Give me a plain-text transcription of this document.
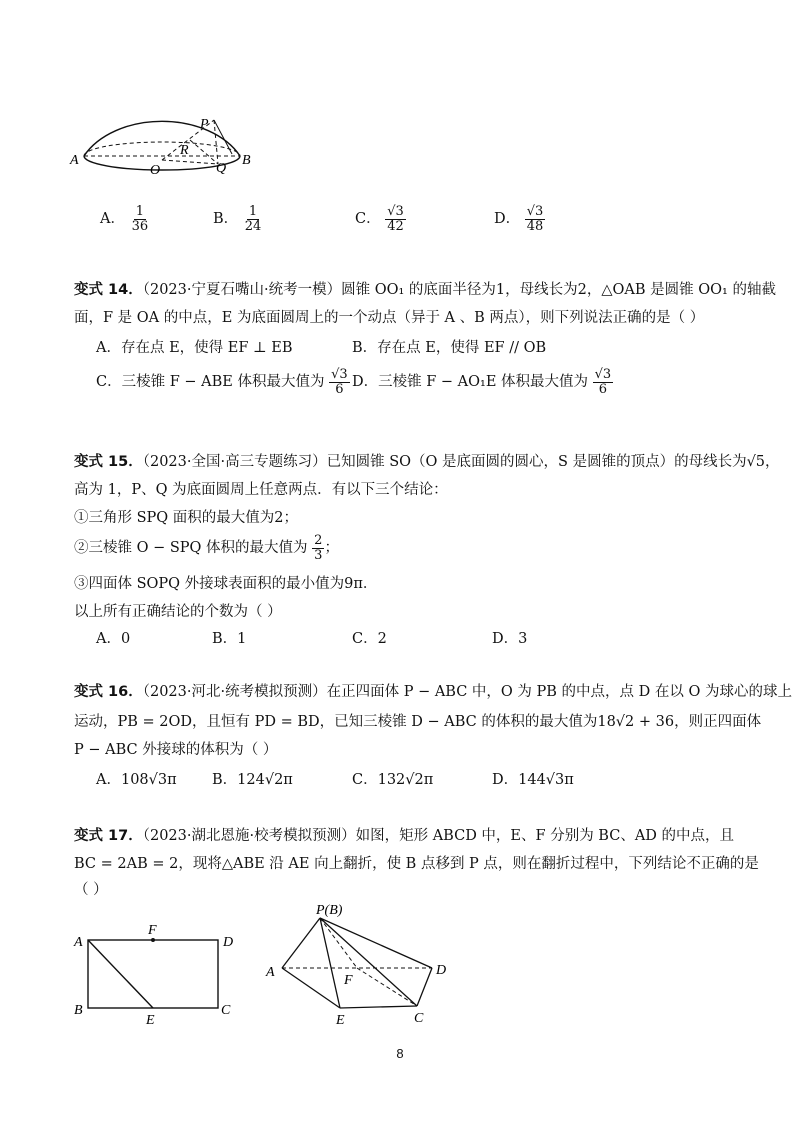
A	B
O
P
R
Q
A． $\frac{1}{36}$	B． $\frac{1}{24}$	C． $\frac{√3}{42}$	D． $\frac{√3}{48}$
变式 14．（2023·宁夏石嘴山·统考一模）圆锥 OO₁ 的底面半径为1，母线长为2，△OAB 是圆锥 OO₁ 的轴截
面，F 是 OA 的中点，E 为底面圆周上的一个动点（异于 A 、B 两点），则下列说法正确的是（ ）
A．存在点 E，使得 EF ⊥ EB	B．存在点 E，使得 EF // OB
C．三棱锥 F − ABE 体积最大值为 $\frac{√3}{6}$ D．三棱锥 F − AO₁E 体积最大值为 $\frac{√3}{6}$
变式 15．（2023·全国·高三专题练习）已知圆锥 SO（O 是底面圆的圆心，S 是圆锥的顶点）的母线长为√5，
高为 1，P、Q 为底面圆周上任意两点．有以下三个结论：
①三角形 SPQ 面积的最大值为2；
②三棱锥 O − SPQ 体积的最大值为 $\frac{2}{3}$ ；
③四面体 SOPQ 外接球表面积的最小值为9π．
以上所有正确结论的个数为（ ）
A．0	B．1	C．2	D．3
变式 16．（2023·河北·统考模拟预测）在正四面体 P − ABC 中，O 为 PB 的中点，点 D 在以 O 为球心的球上
运动，PB = 2OD，且恒有 PD = BD，已知三棱锥 D − ABC 的体积的最大值为18√2 + 36，则正四面体
P − ABC 外接球的体积为（ ）
A．108√3π B．124√2π	C．132√2π	D．144√3π
变式 17．（2023·湖北恩施·校考模拟预测）如图，矩形 ABCD 中，E、F 分别为 BC、AD 的中点，且
BC = 2AB = 2，现将△ABE 沿 AE 向上翻折，使 B 点移到 P 点，则在翻折过程中，下列结论不正确的是
（ ）
A
F
D
B
E
C
P(B)
A	D
F
E	C
8
